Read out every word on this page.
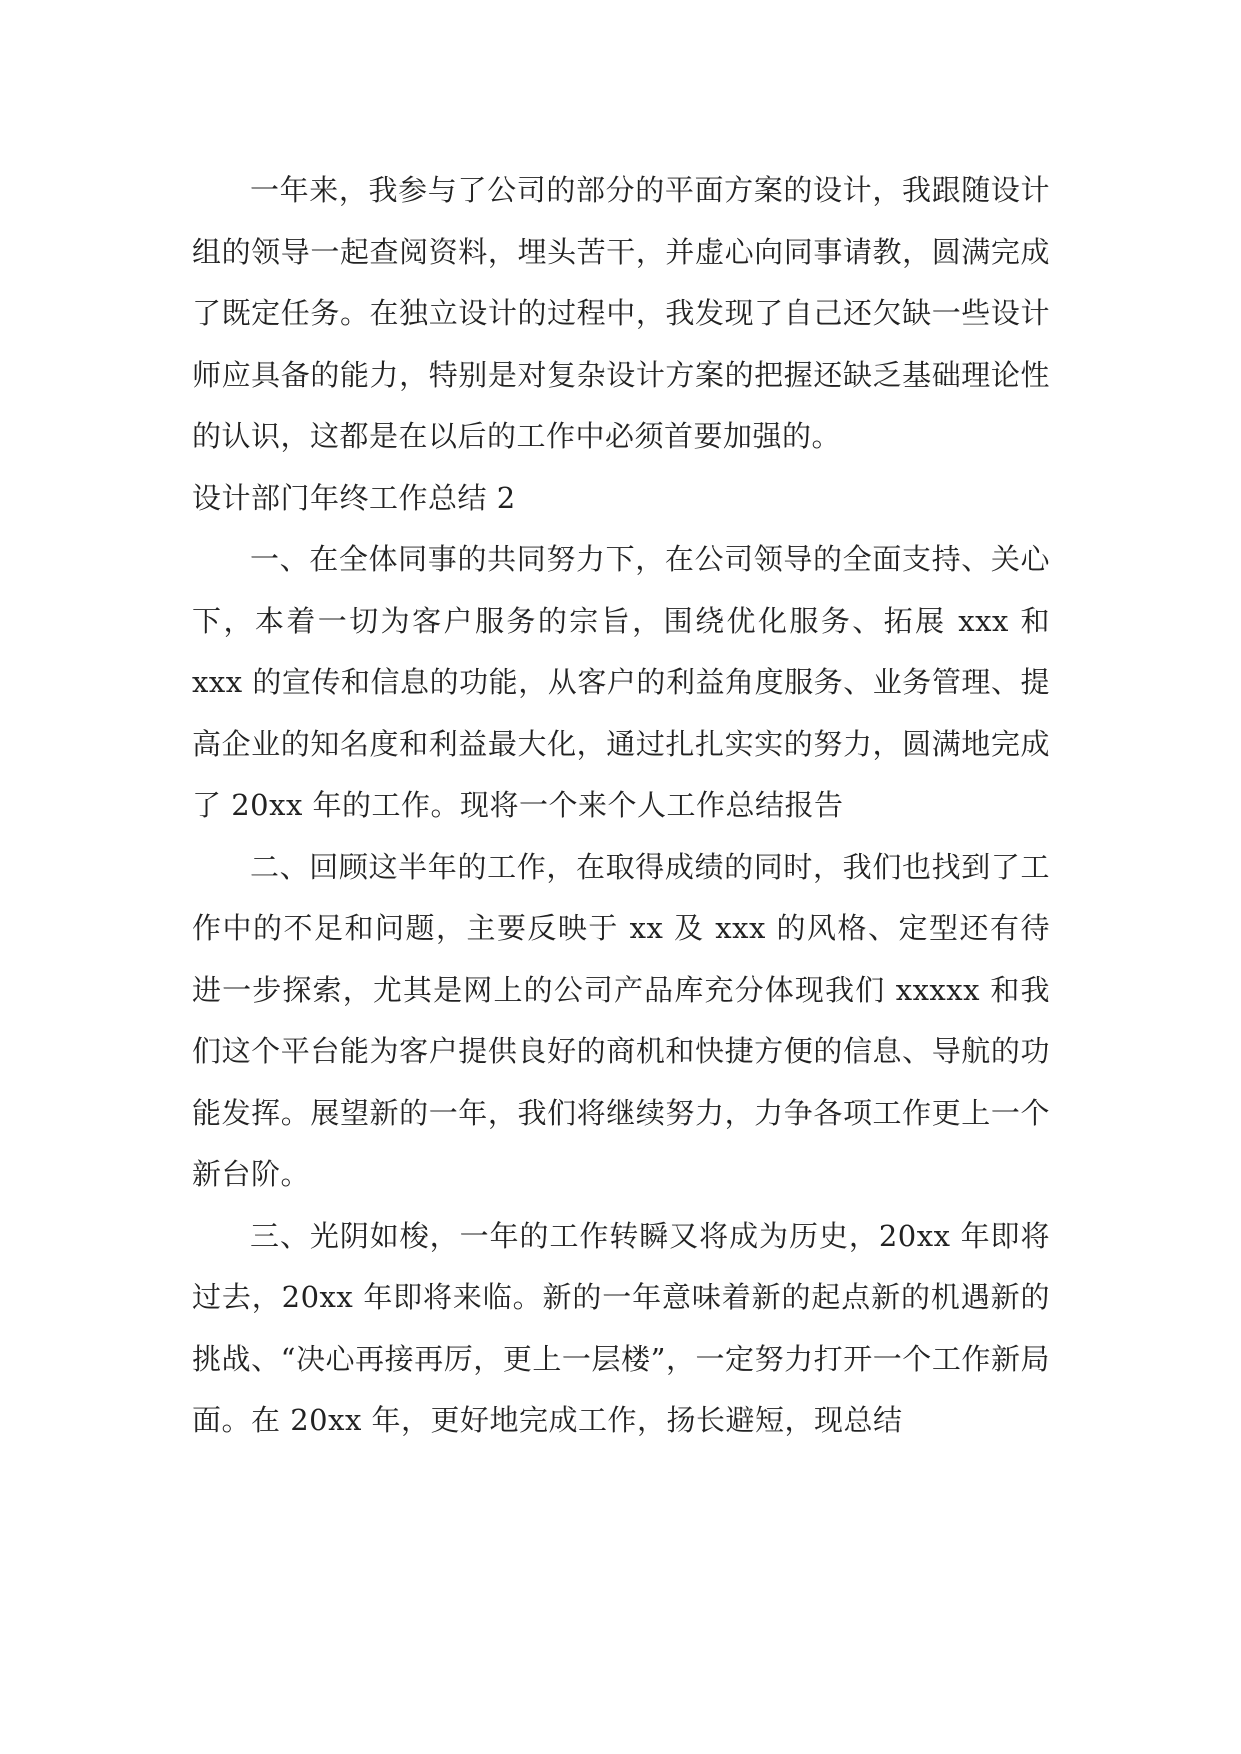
一年来，我参与了公司的部分的平面方案的设计，我跟随设计组的领导一起查阅资料，埋头苦干，并虚心向同事请教，圆满完成了既定任务。在独立设计的过程中，我发现了自己还欠缺一些设计师应具备的能力，特别是对复杂设计方案的把握还缺乏基础理论性的认识，这都是在以后的工作中必须首要加强的。

设计部门年终工作总结 2

一、在全体同事的共同努力下，在公司领导的全面支持、关心下，本着一切为客户服务的宗旨，围绕优化服务、拓展 xxx 和 xxx 的宣传和信息的功能，从客户的利益角度服务、业务管理、提高企业的知名度和利益最大化，通过扎扎实实的努力，圆满地完成了 20xx 年的工作。现将一个来个人工作总结报告

二、回顾这半年的工作，在取得成绩的同时，我们也找到了工作中的不足和问题，主要反映于 xx 及 xxx 的风格、定型还有待进一步探索，尤其是网上的公司产品库充分体现我们 xxxxx 和我们这个平台能为客户提供良好的商机和快捷方便的信息、导航的功能发挥。展望新的一年，我们将继续努力，力争各项工作更上一个新台阶。

三、光阴如梭，一年的工作转瞬又将成为历史，20xx 年即将过去，20xx 年即将来临。新的一年意味着新的起点新的机遇新的挑战、“决心再接再厉，更上一层楼”，一定努力打开一个工作新局面。在 20xx 年，更好地完成工作，扬长避短，现总结
